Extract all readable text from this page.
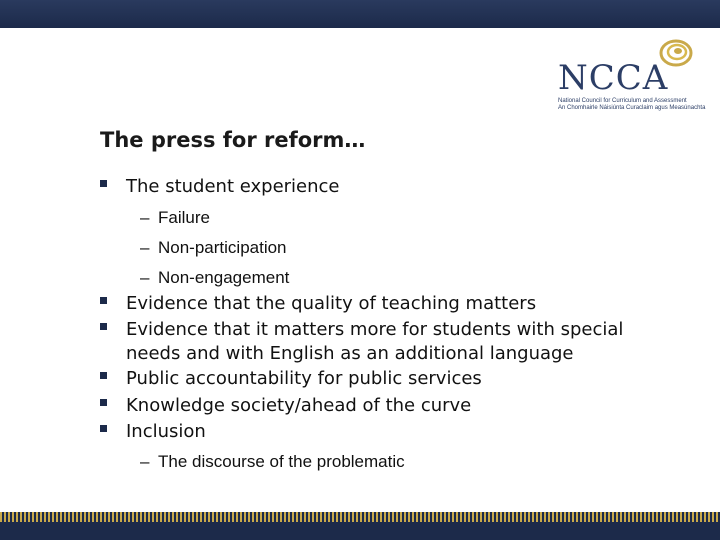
NCCA
National Council for Curriculum and Assessment
An Chomhairle Náisiúnta Curaclaim agus Measúnachta
The press for reform…
The student experience
– Failure
– Non-participation
– Non-engagement
Evidence that the quality of teaching matters
Evidence that it matters more for students with special
needs and with English as an additional language
Public accountability for public services
Knowledge society/ahead of the curve
Inclusion
– The discourse of the problematic
